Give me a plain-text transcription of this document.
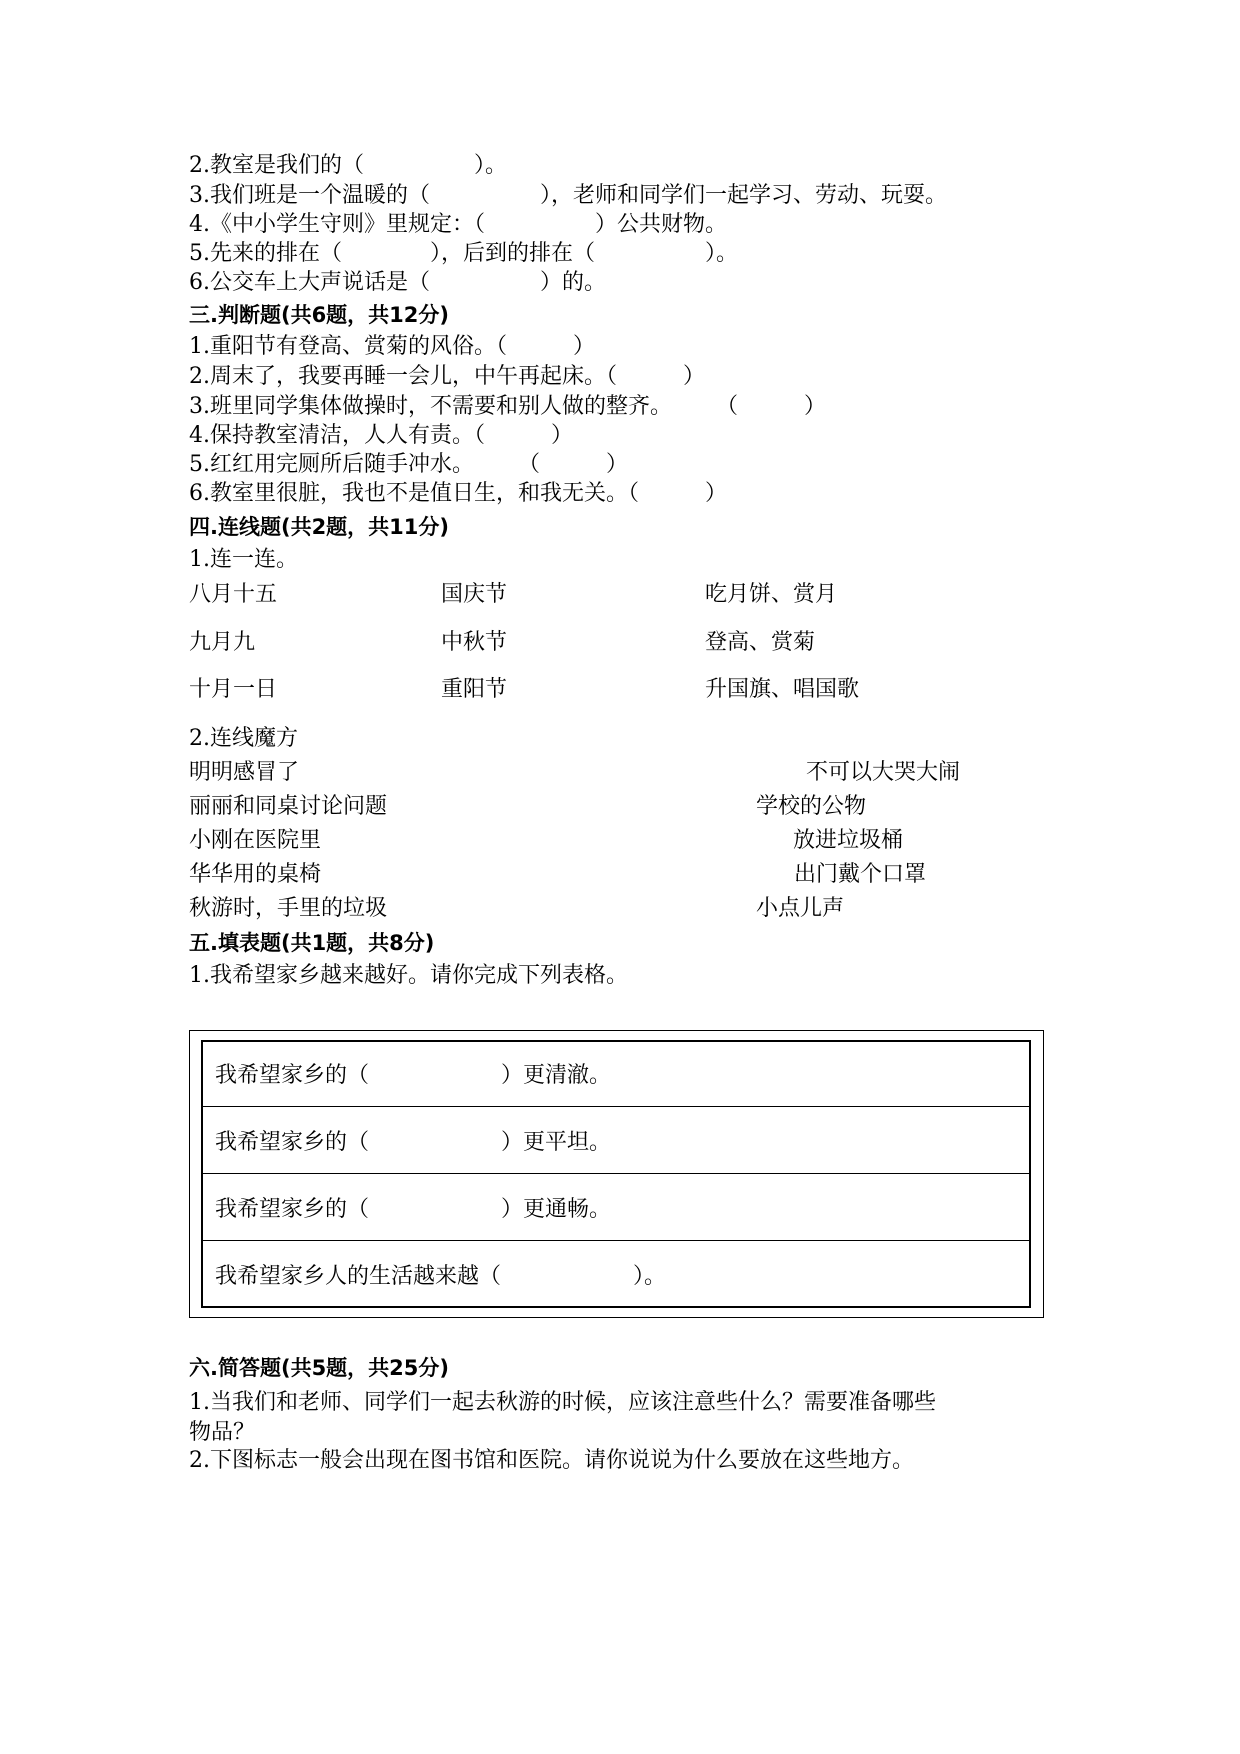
2.教室是我们的（　　　　　）。
3.我们班是一个温暖的（　　　　　），老师和同学们一起学习、劳动、玩耍。
4.《中小学生守则》里规定：（　　　　　）公共财物。
5.先来的排在（　　　　），后到的排在（　　　　　）。
6.公交车上大声说话是（　　　　　）的。
三.判断题(共6题，共12分)
1.重阳节有登高、赏菊的风俗。（　　　）
2.周末了，我要再睡一会儿，中午再起床。（　　　）
3.班里同学集体做操时，不需要和别人做的整齐。　　　（　　　）
4.保持教室清洁，人人有责。（　　　）
5.红红用完厕所后随手冲水。　　　（　　　）
6.教室里很脏，我也不是值日生，和我无关。（　　　）
四.连线题(共2题，共11分)
1.连一连。
八月十五
九月九
十月一日
国庆节
中秋节
重阳节
吃月饼、赏月
登高、赏菊
升国旗、唱国歌
2.连线魔方
明明感冒了
丽丽和同桌讨论问题
小刚在医院里
华华用的桌椅
秋游时，手里的垃圾
不可以大哭大闹
学校的公物
放进垃圾桶
出门戴个口罩
小点儿声
五.填表题(共1题，共8分)
1.我希望家乡越来越好。请你完成下列表格。
我希望家乡的（　　　　　　）更清澈。
我希望家乡的（　　　　　　）更平坦。
我希望家乡的（　　　　　　）更通畅。
我希望家乡人的生活越来越（　　　　　　）。
六.简答题(共5题，共25分)
1.当我们和老师、同学们一起去秋游的时候，应该注意些什么？需要准备哪些
物品？
2.下图标志一般会出现在图书馆和医院。请你说说为什么要放在这些地方。
